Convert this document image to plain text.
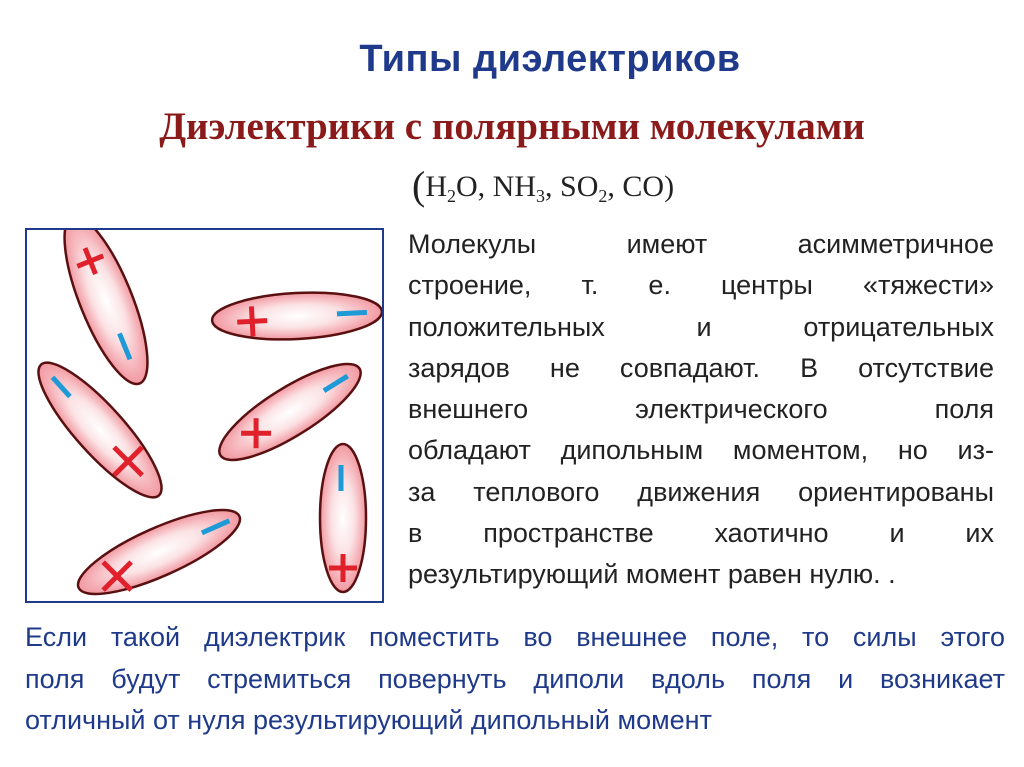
Типы диэлектриков
Диэлектрики с полярными молекулами
($H_2O$, $NH_3$, $SO_2$, CO)
Молекулы имеют асимметричное
строение, т. е. центры «тяжести»
положительных и отрицательных
зарядов не совпадают. В отсутствие
внешнего электрического поля
обладают дипольным моментом, но из-
за теплового движения ориентированы
в пространстве хаотично и их
результирующий момент равен нулю. .
Если такой диэлектрик поместить во внешнее поле, то силы этого
поля будут стремиться повернуть диполи вдоль поля и возникает
отличный от нуля результирующий дипольный момент
